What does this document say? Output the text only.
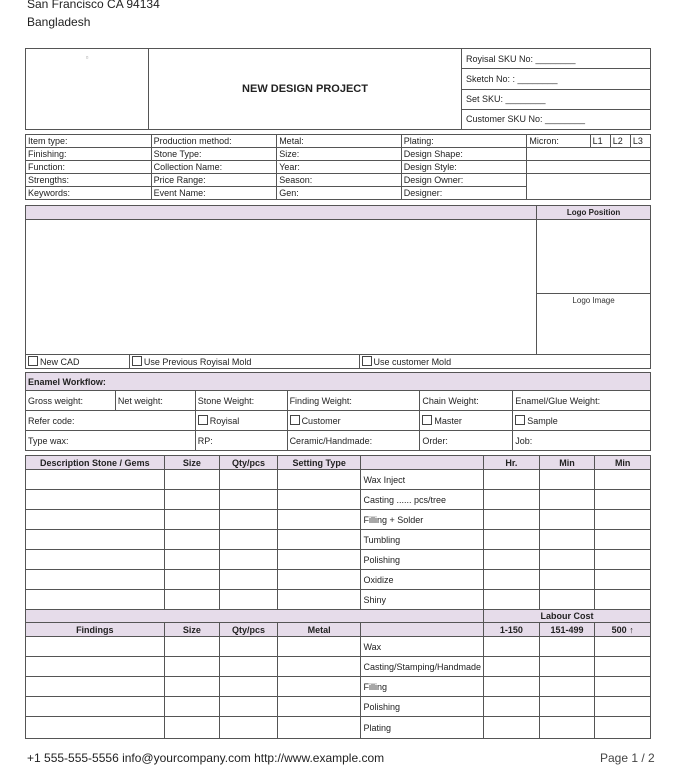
San Francisco CA 94134
Bangladesh
▫	NEW DESIGN PROJECT	Royisal SKU No: ________
Sketch No: : ________
Set SKU: ________
Customer SKU No: ________
Item type:	Production method:	Metal:	Plating:	Micron:	L1	L2	L3
Finishing:	Stone Type:	Size:	Design Shape:				
Function:	Collection Name:	Year:	Design Style:				
Strengths:	Price Range:	Season:	Design Owner:				
Keywords:	Event Name:	Gen:	Designer:				
			Logo Position

			Logo Image

New CAD	Use Previous Royisal Mold	Use customer Mold	
Enamel Workflow:					
Gross weight:	Net weight:	Stone Weight:	Finding Weight:	Chain Weight:	Enamel/Glue Weight:
Refer code:		Royisal	Customer	Master	Sample
Type wax:		RP:	Ceramic/Handmade:	Order:	Job:
Description Stone / Gems	Size	Qty/pcs	Setting Type		Hr.	Min	Min
				Wax Inject			
				Casting ...... pcs/tree			
				Filling + Solder			
				Tumbling			
				Polishing			
				Oxidize			
				Shiny			
					Labour Cost		
Findings	Size	Qty/pcs	Metal		1-150	151-499	500 ↑
				Wax			
				Casting/Stamping/Handmade			
				Filling			
				Polishing			
				Plating			
+1 555-555-5556 info@yourcompany.com http://www.example.com	Page 1 / 2
